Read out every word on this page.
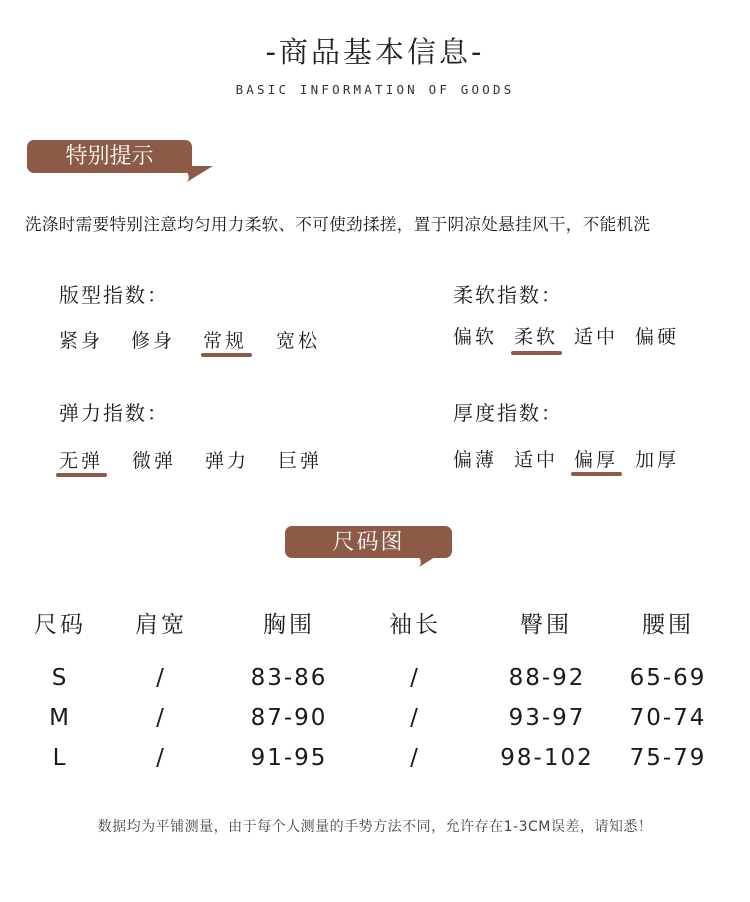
-商品基本信息-
BASIC INFORMATION OF GOODS
特别提示
洗涤时需要特别注意均匀用力柔软、不可使劲揉搓，置于阴凉处悬挂风干，不能机洗
版型指数：
紧身 修身 常规 宽松
柔软指数：
偏软 柔软 适中 偏硬
弹力指数：
无弹 微弹 弹力 巨弹
厚度指数：
偏薄 适中 偏厚 加厚
尺码图
尺码	肩宽	胸围	袖长	臀围	腰围
S	/	83-86	/	88-92	65-69
M	/	87-90	/	93-97	70-74
L	/	91-95	/	98-102	75-79
数据均为平铺测量，由于每个人测量的手势方法不同，允许存在1-3CM误差，请知悉！
